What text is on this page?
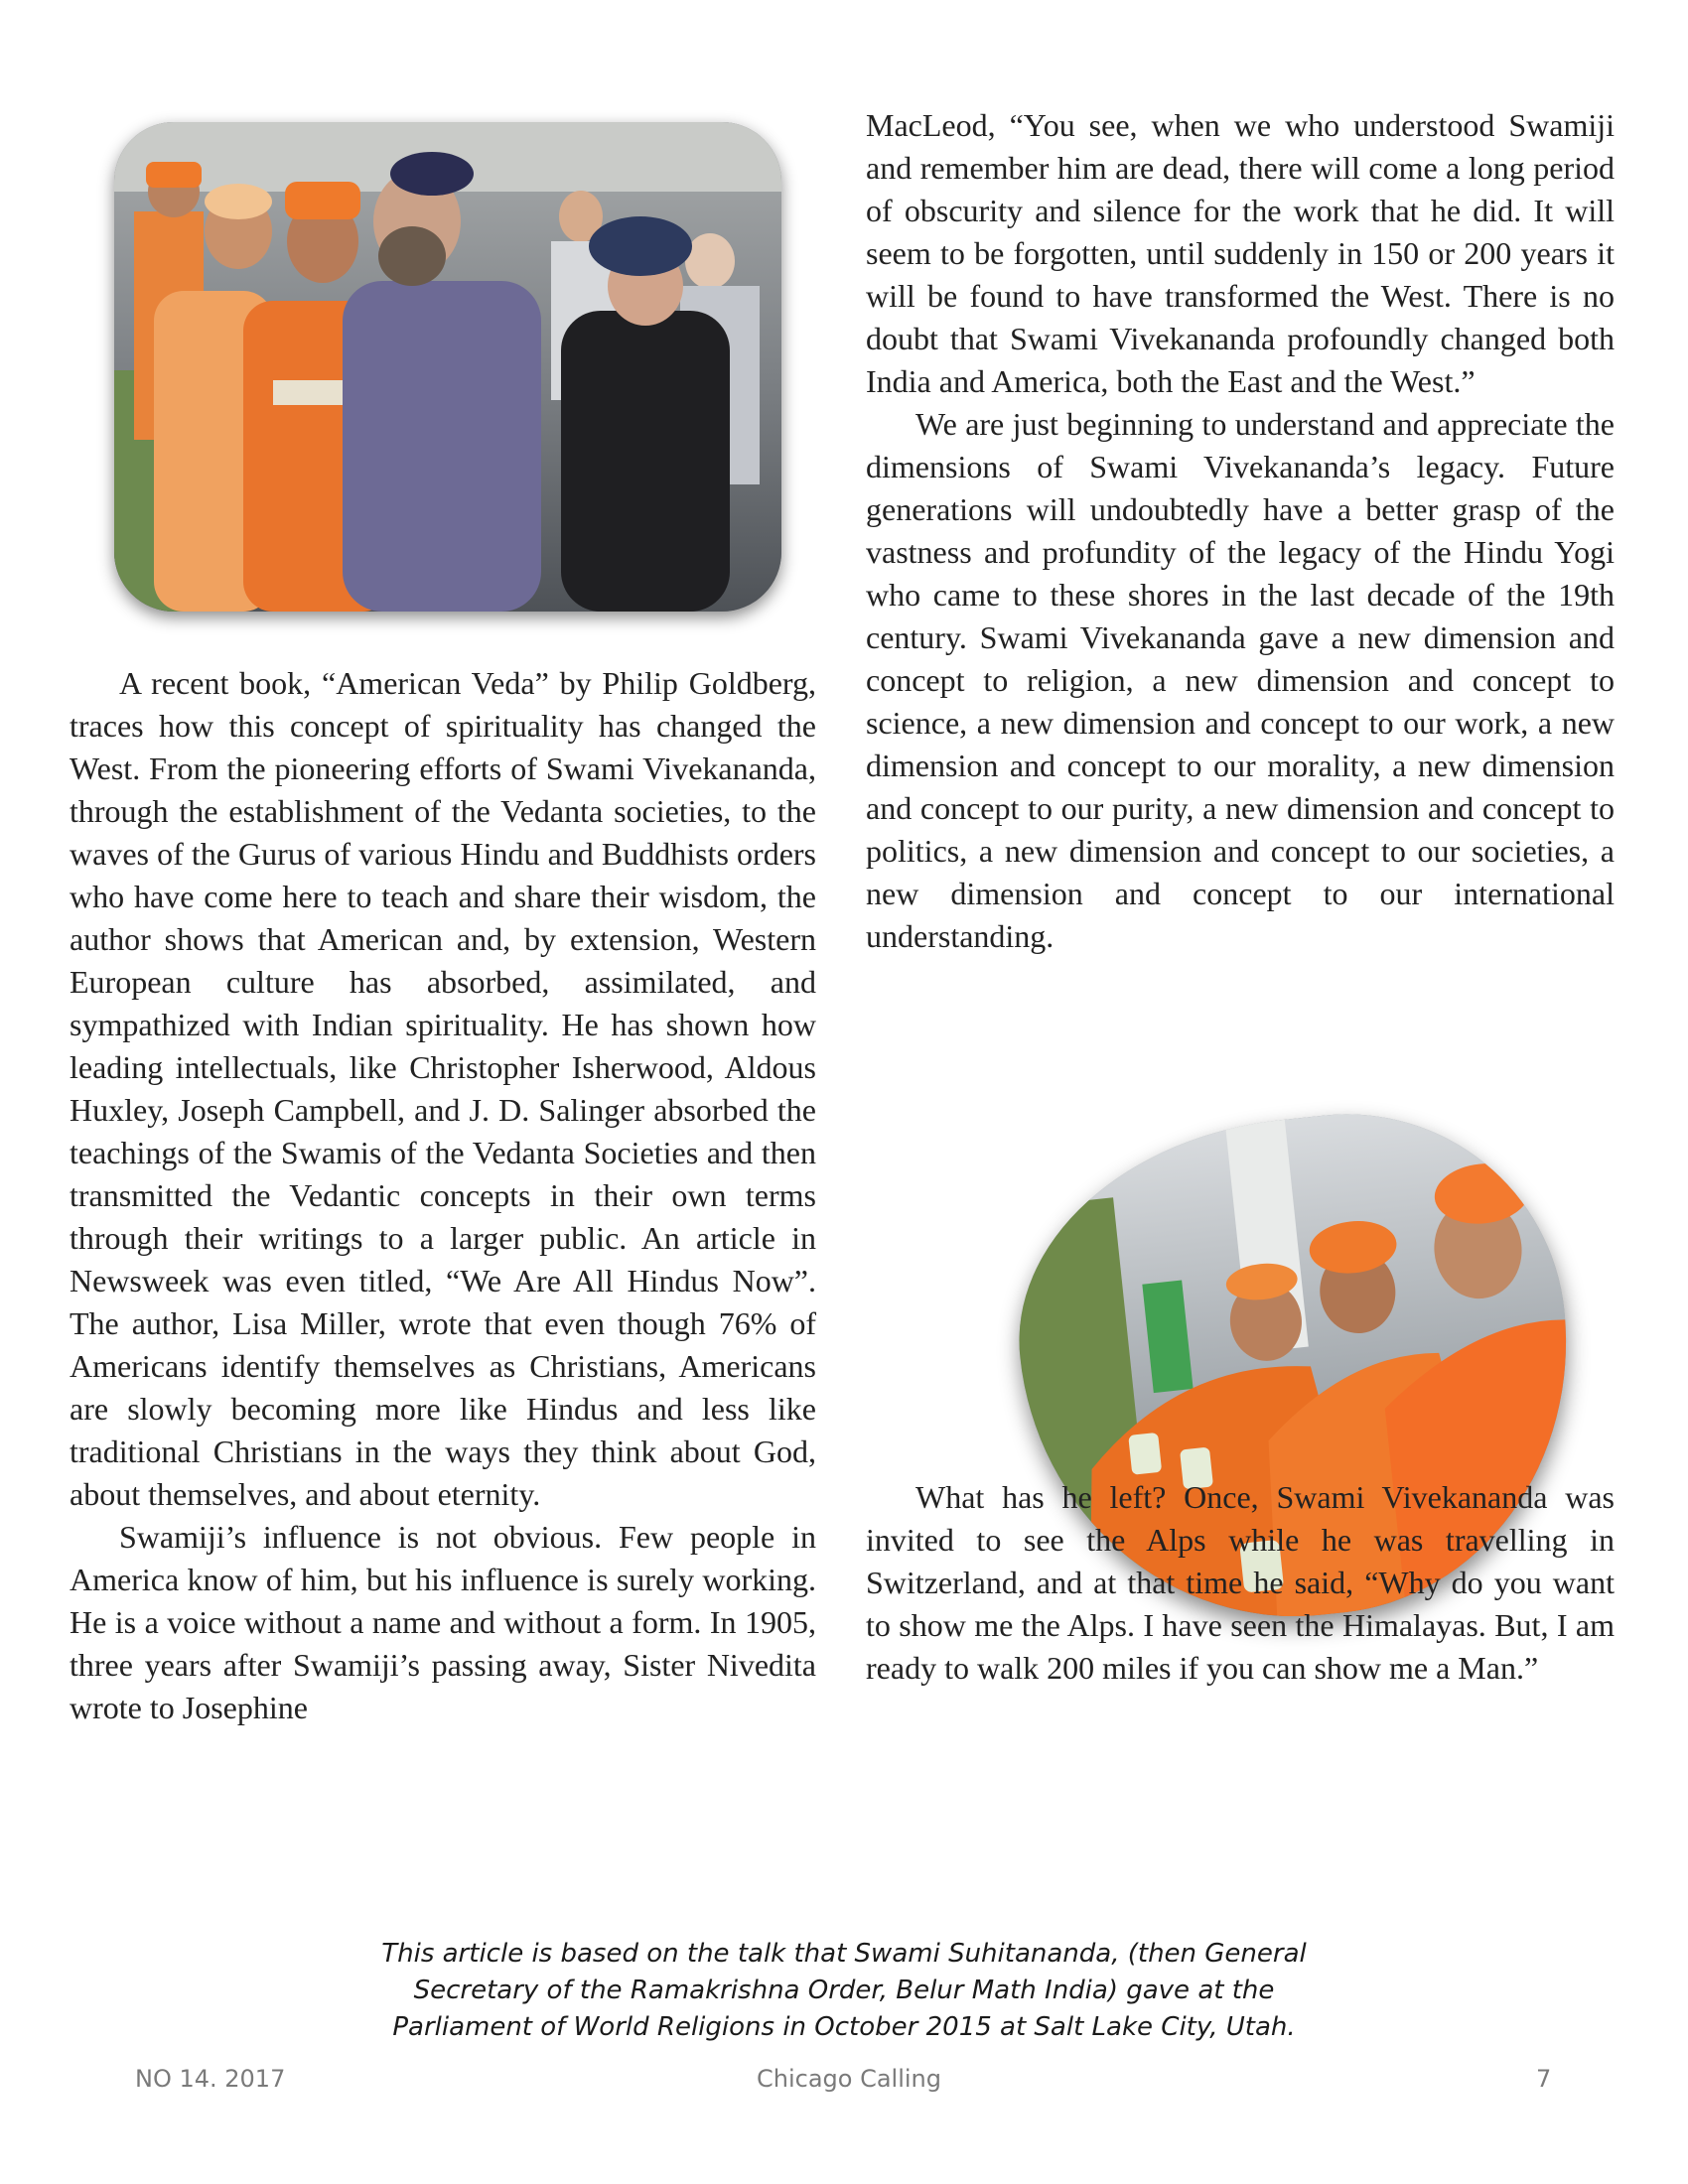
A recent book, “American Veda” by Philip Goldberg, traces how this concept of spirituality has changed the West. From the pioneering efforts of Swami Vivekananda, through the establishment of the Vedanta societies, to the waves of the Gurus of various Hindu and Buddhists orders who have come here to teach and share their wisdom, the author shows that American and, by extension, Western European culture has absorbed, assimilated, and sympathized with Indian spirituality. He has shown how leading intellectuals, like Christopher Isherwood, Aldous Huxley, Joseph Campbell, and J. D. Salinger absorbed the teachings of the Swamis of the Vedanta Societies and then transmitted the Vedantic concepts in their own terms through their writings to a larger public. An article in Newsweek was even titled, “We Are All Hindus Now”. The author, Lisa Miller, wrote that even though 76% of Americans identify themselves as Christians, Americans are slowly becoming more like Hindus and less like traditional Christians in the ways they think about God, about themselves, and about eternity.

Swamiji’s influence is not obvious. Few people in America know of him, but his influence is surely working. He is a voice without a name and without a form. In 1905, three years after Swamiji’s passing away, Sister Nivedita wrote to Josephine

MacLeod, “You see, when we who understood Swamiji and remember him are dead, there will come a long period of obscurity and silence for the work that he did. It will seem to be forgotten, until suddenly in 150 or 200 years it will be found to have transformed the West. There is no doubt that Swami Vivekananda profoundly changed both India and America, both the East and the West.”

We are just beginning to understand and appreciate the dimensions of Swami Vivekananda’s legacy. Future generations will undoubtedly have a better grasp of the vastness and profundity of the legacy of the Hindu Yogi who came to these shores in the last decade of the 19th century. Swami Vivekananda gave a new dimension and concept to religion, a new dimension and concept to science, a new dimension and concept to our work, a new dimension and concept to our morality, a new dimension and concept to our purity, a new dimension and concept to politics, a new dimension and concept to our societies, a new dimension and concept to our international understanding.

What has he left? Once, Swami Vivekananda was invited to see the Alps while he was travelling in Switzerland, and at that time he said, “Why do you want to show me the Alps. I have seen the Himalayas. But, I am ready to walk 200 miles if you can show me a Man.”

This article is based on the talk that Swami Suhitananda, (then General
Secretary of the Ramakrishna Order, Belur Math India) gave at the
Parliament of World Religions in October 2015 at Salt Lake City, Utah.
NO 14. 2017	Chicago Calling	7
